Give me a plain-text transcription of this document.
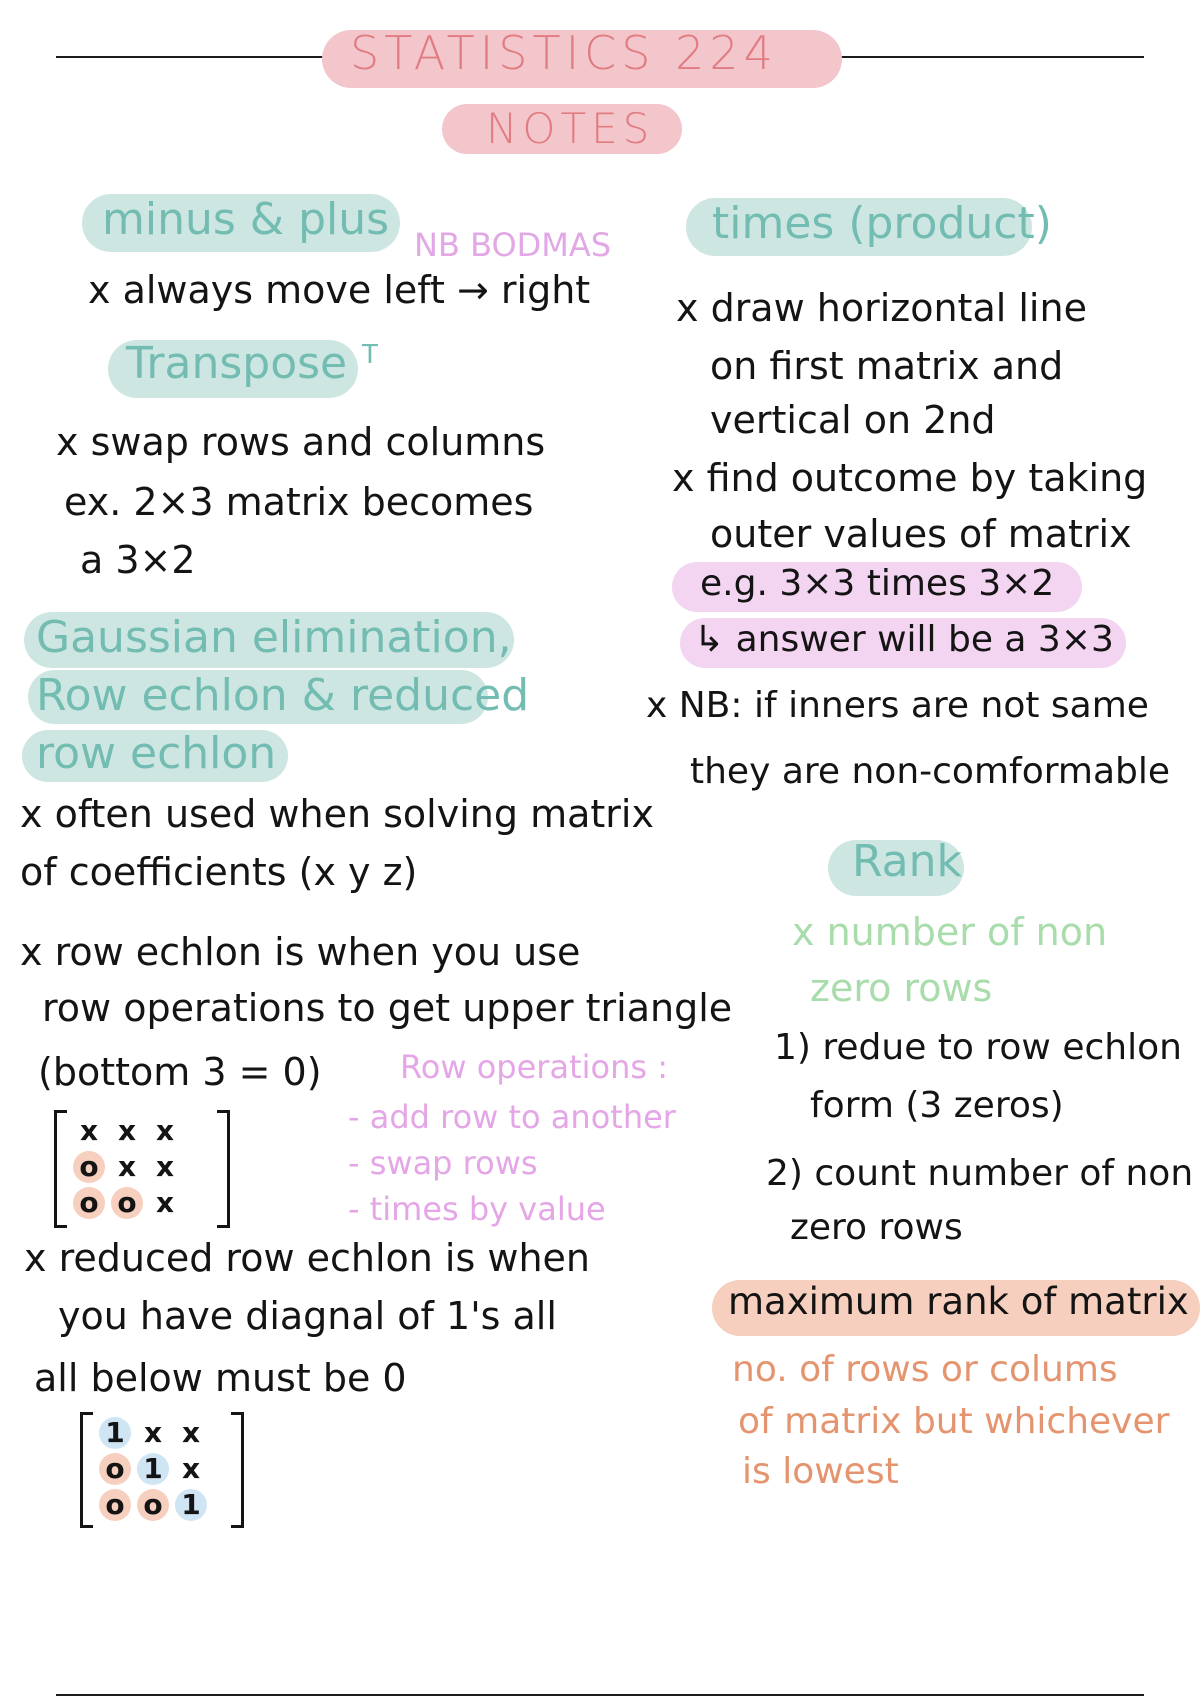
STATISTICS 224
NOTES
minus & plus NB BODMAS
x always move left → right
Transpose T
x swap rows and columns
ex. 2×3 matrix becomes
a 3×2
Gaussian elimination,
Row echlon & reduced
row echlon
x often used when solving matrix
of coefficients (x y z)
x row echlon is when you use
row operations to get upper triangle
(bottom 3 = 0) Row operations :
- add row to another
- swap rows
- times by value
x	x	x
o	x	x
o	o	x
x reduced row echlon is when
you have diagnal of 1's all
all below must be 0
1	x	x
o	1	x
o	o	1
times (product)
x draw horizontal line
on first matrix and
vertical on 2nd
x find outcome by taking
outer values of matrix
e.g. 3×3 times 3×2
↳ answer will be a 3×3
x NB: if inners are not same
they are non-comformable
Rank
x number of non
zero rows
1) redue to row echlon
form (3 zeros)
2) count number of non
zero rows
maximum rank of matrix
no. of rows or colums
of matrix but whichever
is lowest
